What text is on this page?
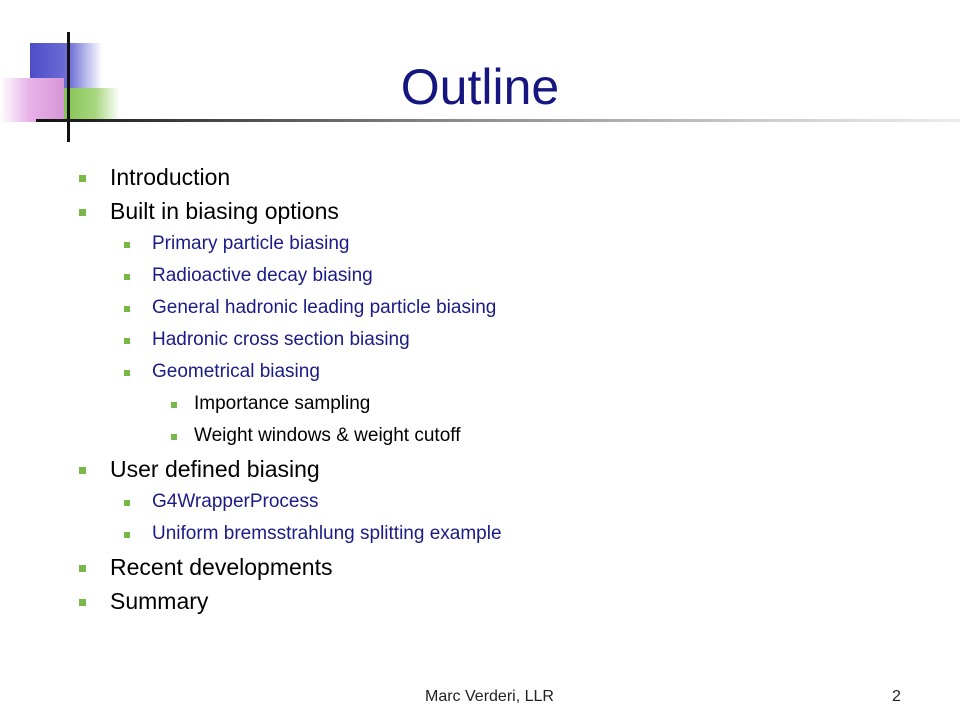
Outline
Introduction
Built in biasing options
Primary particle biasing
Radioactive decay biasing
General hadronic leading particle biasing
Hadronic cross section biasing
Geometrical biasing
Importance sampling
Weight windows & weight cutoff
User defined biasing
G4WrapperProcess
Uniform bremsstrahlung splitting example
Recent developments
Summary
Marc Verderi, LLR	2
